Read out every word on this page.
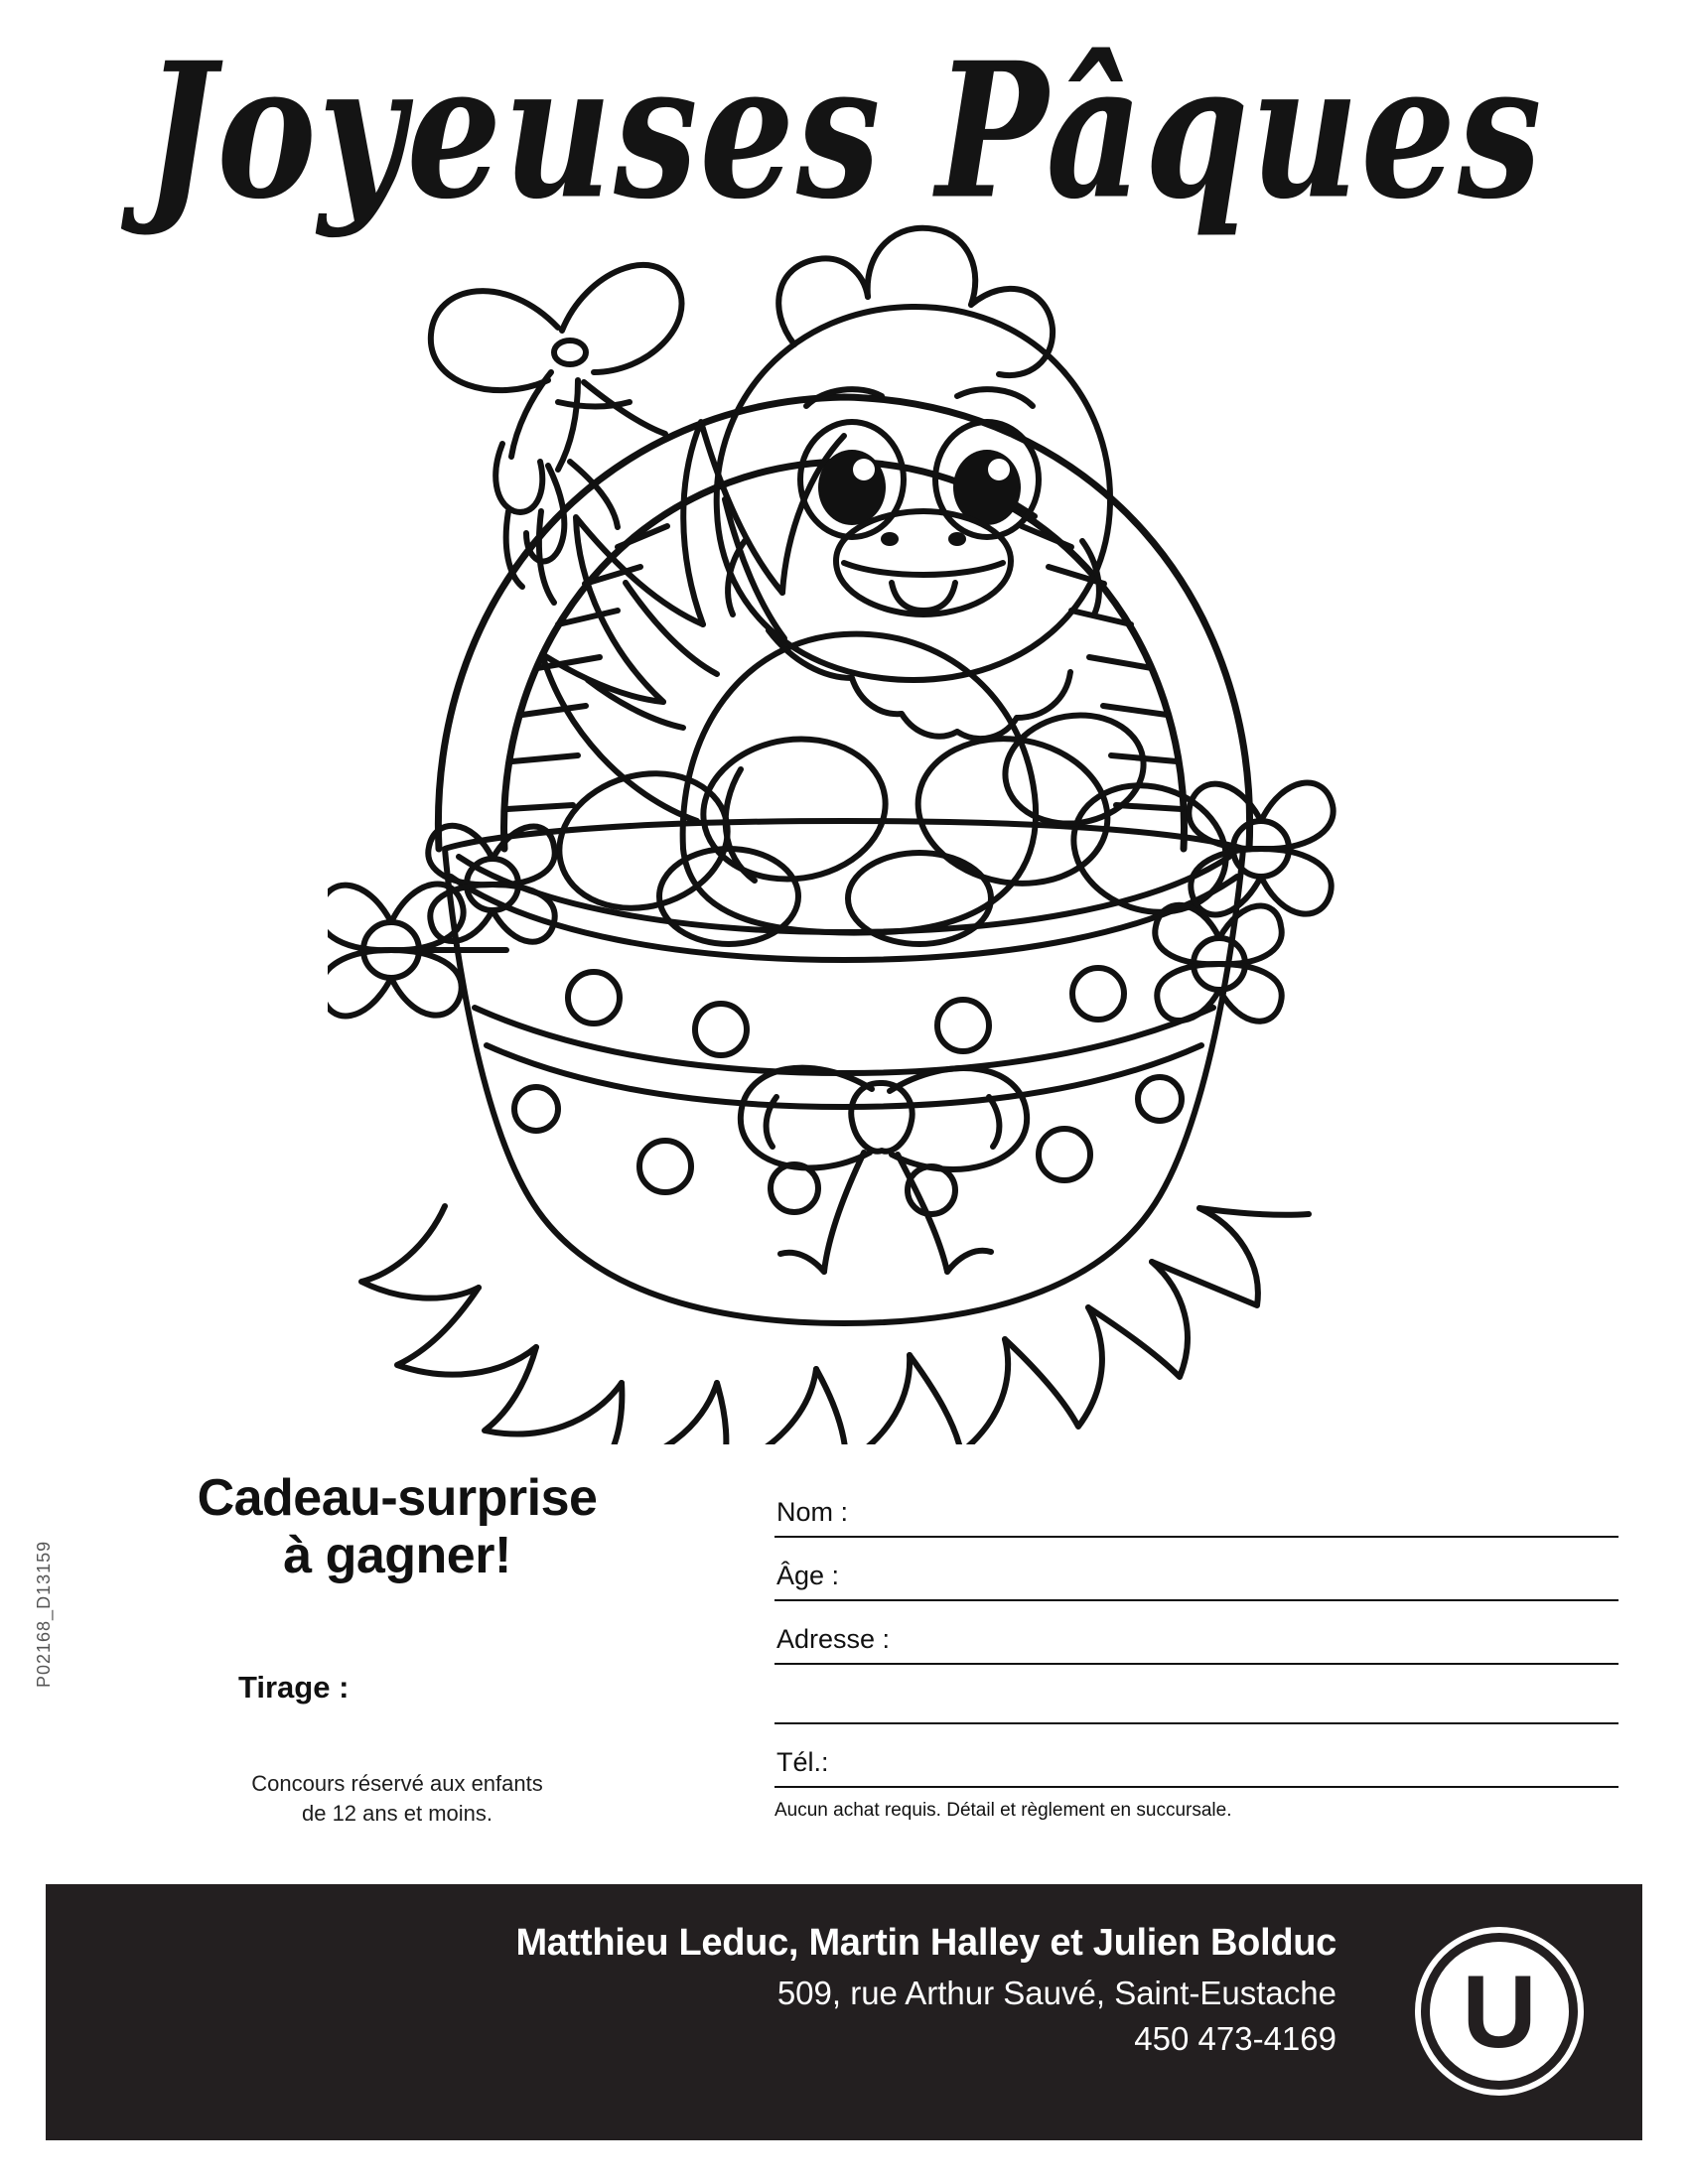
Joyeuses Pâques
Cadeau-surprise
à gagner!
Tirage :
Concours réservé aux enfants
de 12 ans et moins.
P02168_D13159
Nom :
Âge :
Adresse :
Tél.:
Aucun achat requis. Détail et règlement en succursale.
Matthieu Leduc, Martin Halley et Julien Bolduc
509, rue Arthur Sauvé, Saint-Eustache
450 473-4169 U
